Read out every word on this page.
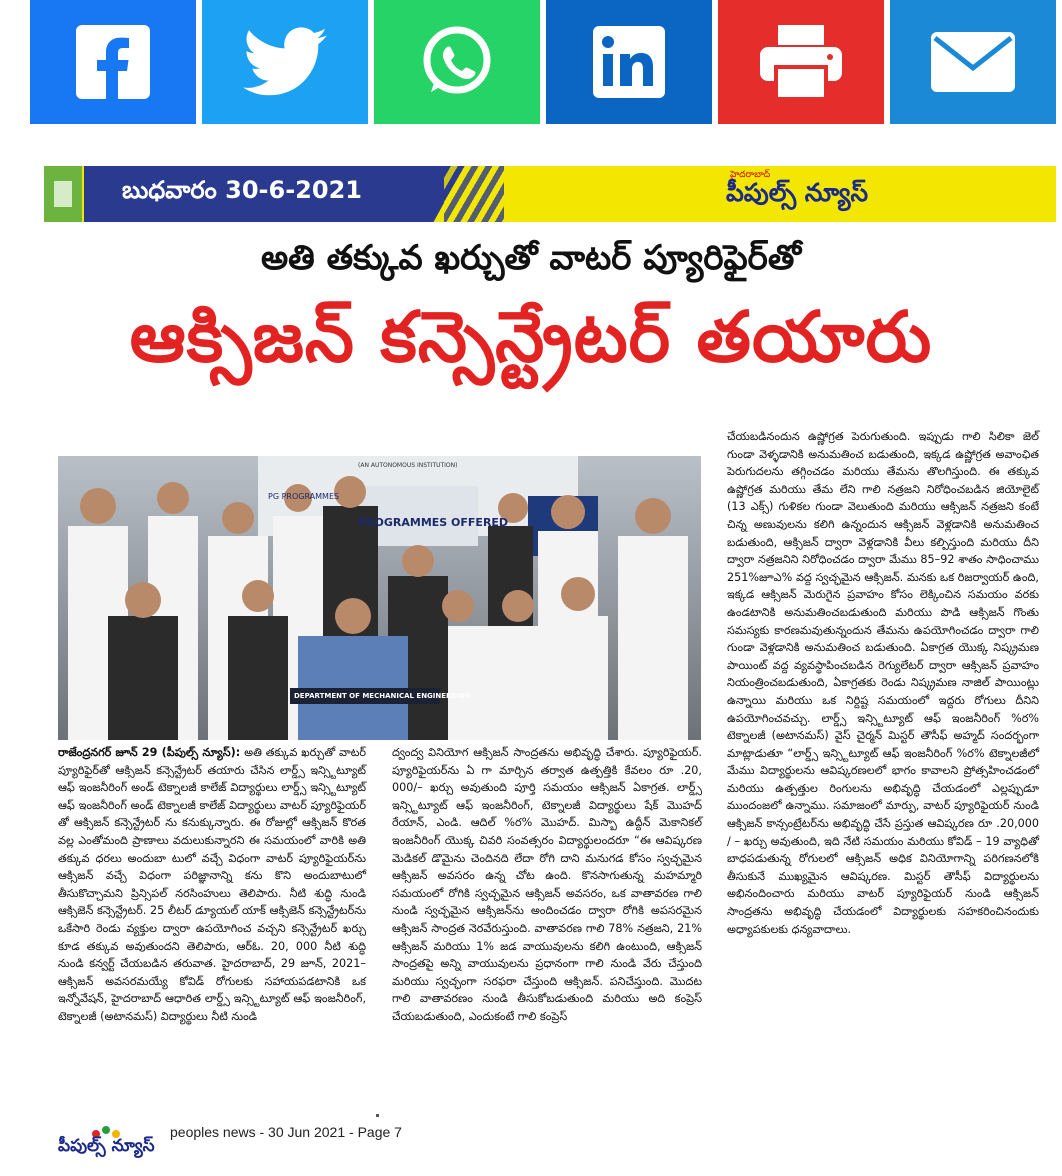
బుధవారం 30-6-2021
హైదరాబాద్
పీపుల్స్ న్యూస్
అతి తక్కువ ఖర్చుతో వాటర్ ప్యూరిఫైర్‌తో
ఆక్సిజన్ కన్సెన్ట్రేటర్ తయారు
PROGRAMMES OFFERED
PG PROGRAMMES
(AN AUTONOMOUS INSTITUTION)
DEPARTMENT OF MECHANICAL ENGINEERING
రాజేంద్రనగర్ జూన్ 29 (పీపుల్స్ న్యూస్): అతి తక్కువ ఖర్చుతో వాటర్ ప్యూరిఫైర్‌తో ఆక్సిజన్ కన్సెన్ట్రేటర్ తయారు చేసిన లార్డ్స్ ఇన్స్టిట్యూట్ ఆఫ్ ఇంజనీరింగ్ అండ్ టెక్నాలజీ కాలేజ్ విద్యార్థులు లార్డ్స్ ఇన్స్టిట్యూట్ ఆఫ్ ఇంజనీరింగ్ అండ్ టెక్నాలజీ కాలేజ్ విద్యార్థులు వాటర్ ప్యూరిఫైయర్ తో ఆక్సిజన్ కన్సెన్ట్రేటర్ ను కనుక్కున్నారు. ఈ రోజుల్లో ఆక్సిజన్ కొరత వల్ల ఎంతోమంది ప్రాణాలు వదులుకున్నారని ఈ సమయంలో వారికి అతి తక్కువ ధరలు అందుబా టులో వచ్చే విధంగా వాటర్ ప్యూరిఫైయర్‌ను ఆక్సిజన్ వచ్చే విధంగా పరిజ్ఞానాన్ని కను కొని అందుబాటులో తీసుకొచ్చామని ప్రిన్సిపల్ నరసింహులు తెలిపారు. నీటి శుద్ధి నుండి ఆక్సిజెన్ కన్సెన్ట్రేటర్. 25 లీటర్ డ్యూయల్ యాక్ ఆక్సిజెన్ కన్సెన్ట్రేటర్‌ను ఒకేసారి రెండు వ్యక్తుల ద్వారా ఉపయోగించ వచ్చని కన్సెన్ట్రేటర్ ఖర్చు కూడ తక్కువ అవుతుందని తెలిపారు, ఆర్ఓ. 20, 000 నీటి శుద్ధి నుండి కన్వర్ట్ చేయబడిన తరువాత. హైదరాబాద్, 29 జూన్, 2021– ఆక్సిజన్ అవసరమయ్యే కోవిడ్ రోగులకు సహాయపడటానికి ఒక ఇన్నోవేషన్, హైదరాబాద్ ఆధారిత లార్డ్స్ ఇన్స్టిట్యూట్ ఆఫ్ ఇంజనీరింగ్, టెక్నాలజీ (అటానమస్) విద్యార్థులు నీటి నుండి
ద్వంద్వ వినియోగ ఆక్సిజన్ సాంద్రతను అభివృద్ధి చేశారు. ప్యూరిఫైయర్. ప్యూరిఫైయర్‌ను ఏ గా మార్చిన తర్వాత ఉత్పత్తికి కేవలం రూ .20, 000/– ఖర్చు అవుతుంది పూర్తి సమయం ఆక్సిజన్ ఏకాగ్రత. లార్డ్స్ ఇన్స్టిట్యూట్ ఆఫ్ ఇంజనీరింగ్, టెక్నాలజీ విద్యార్థులు షేక్ మొహద్ రేయాన్, ఎండి. ఆదిల్ %ర% మొహద్. మిస్బా ఉద్దీన్ మెకానికల్ ఇంజనీరింగ్ యొక్క చివరి సంవత్సరం విద్యార్థులందరూ “ఈ ఆవిష్కరణ మెడికల్ డొమైను చెందినది లేదా రోగి దాని మనుగడ కోసం స్వచ్ఛమైన ఆక్సిజన్ అవసరం ఉన్న చోట ఉంది. కొనసాగుతున్న మహమ్మారి సమయంలో రోగికి స్వచ్ఛమైన ఆక్సిజన్ అవసరం, ఒక వాతావరణ గాలి నుండి స్వచ్ఛమైన ఆక్సిజన్‌ను అందించడం ద్వారా రోగికి అపసరమైన ఆక్సిజన్ సాంద్రత నెరవేరుస్తుంది. వాతావరణ గాలి 78% నత్రజని, 21% ఆక్సిజన్ మరియు 1% జడ వాయువులను కలిగి ఉంటుంది, ఆక్సిజన్ సాంద్రతపై అన్ని వాయువులను ప్రధానంగా గాలి నుండి వేరు చేస్తుంది మరియు స్వచ్ఛంగా సరఫరా చేస్తుంది ఆక్సిజన్. పనిచేస్తుంది. మొదట గాలి వాతావరణం నుండి తీసుకోబడుతుంది మరియు అది కంప్రెస్ చేయబడుతుంది, ఎందుకంటే గాలి కంప్రెస్
చేయబడినందున ఉష్ణోగ్రత పెరుగుతుంది. ఇప్పుడు గాలి సిలికా జెల్ గుండా వెళ్ళడానికి అనుమతించ బడుతుంది, ఇక్కడ ఉష్ణోగ్రత అవాంఛిత పెరుగుదలను తగ్గించడం మరియు తేమను తొలగిస్తుంది. ఈ తక్కువ ఉష్ణోగ్రత మరియు తేమ లేని గాలి నత్రజని నిరోధించబడిన జియోలైట్ (13 ఎక్స్) గుళికల గుండా వెలుతుంది మరియు ఆక్సిజన్ నత్రజని కంటే చిన్న అణువులను కలిగి ఉన్నందున ఆక్సిజన్ వెళ్లడానికి అనుమతించ బడుతుంది, ఆక్సిజన్ ద్వారా వెళ్లడానికి వీలు కల్పిస్తుంది మరియు దీని ద్వారా నత్రజనిని నిరోధించడం ద్వారా మేము 85–92 శాతం సాధించాము 251%జూఎ% వద్ద స్వచ్ఛమైన ఆక్సిజన్. మనకు ఒక రిజర్వాయర్ ఉంది, ఇక్కడ ఆక్సిజన్ మెరుగైన ప్రవాహం కోసం లెక్కించిన సమయం వరకు ఉండటానికి అనుమతించబడుతుంది మరియు పొడి ఆక్సిజన్ గొంతు సమస్యకు కారణమవుతున్నందున తేమను ఉపయోగించడం ద్వారా గాలి గుండా వెళ్లడానికి అనుమతించ బడుతుంది. ఏకాగ్రత యొక్క నిష్క్రమణ పాయింట్ వద్ద వ్యవస్థాపించబడిన రెగ్యులేటర్ ద్వారా ఆక్సిజన్ ప్రవాహం నియంత్రించబడుతుంది, ఏకాగ్రతకు రెండు నిష్క్రమణ నాజిల్ పాయింట్లు ఉన్నాయి మరియు ఒక నిర్దిష్ట సమయంలో ఇద్దరు రోగులు దీనిని ఉపయోగించవచ్చు. లార్డ్స్ ఇన్స్టిట్యూట్ ఆఫ్ ఇంజనీరింగ్ %ర% టెక్నాలజీ (అటానమస్) వైస్ చైర్మన్ మిస్టర్ తౌసీఫ్ అహ్మద్ సందర్భంగా మాట్లాడుతూ “లార్డ్స్ ఇన్స్టిట్యూట్ ఆఫ్ ఇంజనీరింగ్ %ర% టెక్నాలజీలో మేము విద్యార్థులను ఆవిష్కరణలలో భాగం కావాలని ప్రోత్సహించడంలో మరియు ఉత్పత్తుల రింగులను అభివృద్ధి చేయడంలో ఎల్లప్పుడూ ముందంజలో ఉన్నాము. సమాజంలో మార్పు, వాటర్ ప్యూరిఫైయర్ నుండి ఆక్సిజన్ కాన్సంట్రేటర్‌ను అభివృద్ధి చేసే ప్రస్తుత ఆవిష్కరణ రూ .20,000 / – ఖర్చు అవుతుంది, ఇది నేటి సమయం మరియు కోవిడ్ – 19 వ్యాధితో బాధపడుతున్న రోగులలో ఆక్సిజన్ అధిక వినియోగాన్ని పరిగణనలోకి తీసుకునే ముఖ్యమైన ఆవిష్కరణ. మిస్టర్ తౌసీఫ్ విద్యార్థులను అభినందించారు మరియు వాటర్ ప్యూరిఫైయర్ నుండి ఆక్సిజన్ సాంద్రతను అభివృద్ధి చేయడంలో విద్యార్థులకు సహకరించినందుకు అధ్యాపకులకు ధన్యవాదాలు.
పీపుల్స్ న్యూస్
peoples news - 30 Jun 2021 - Page 7
